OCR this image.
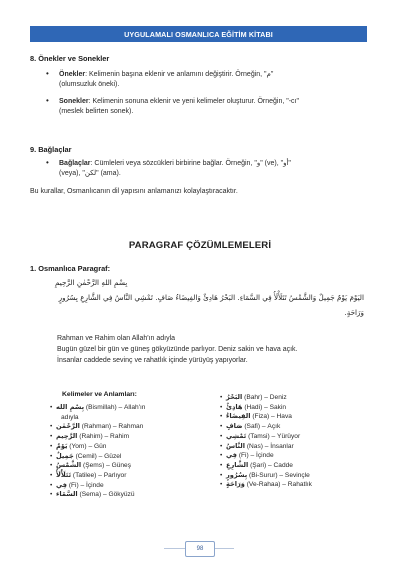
UYGULAMALI OSMANLICA EĞİTİM KİTABI
8. Önekler ve Sonekler
• Önekler: Kelimenin başına eklenir ve anlamını değiştirir. Örneğin, "م"
(olumsuzluk öneki).
• Sonekler: Kelimenin sonuna eklenir ve yeni kelimeler oluşturur. Örneğin, "-cı"
(meslek belirten sonek).
9. Bağlaçlar
• Bağlaçlar: Cümleleri veya sözcükleri birbirine bağlar. Örneğin, "و" (ve), "أو"
(veya), "لكن" (ama).
Bu kurallar, Osmanlıcanın dil yapısını anlamanızı kolaylaştıracaktır.
PARAGRAF ÇÖZÜMLEMELERİ
1. Osmanlıca Paragraf:
بِسْمِ اللهِ الرَّحْمٰنِ الرَّحِيمِ
اليَوْمَ يَوْمٌ جَمِيلٌ وَالشَّمْسُ تَتَلَأْلَأُ فِي السَّمَاءِ. البَحْرُ هَادِئٌ وَالفِيضَاءُ صَافٍ. تَمْشِي النَّاسُ فِي الشَّارِعِ بِسُرُورٍ
وَرَاحَةٍ.
Rahman ve Rahim olan Allah'ın adıyla
Bugün güzel bir gün ve güneş gökyüzünde parlıyor. Deniz sakin ve hava açık.
İnsanlar caddede sevinç ve rahatlık içinde yürüyüş yapıyorlar.
Kelimeler ve Anlamları:
•  بِسْمِ الله (Bismillah) – Allah'ın
adıyla
•  الرَّحْمٰن (Rahman) – Rahman
•  الرَّحِيم (Rahim) – Rahim
•  يَوْمٌ (Yom) – Gün
•  جَمِيلٌ (Cemil) – Güzel
•  الشَّمْسُ (Şems) – Güneş
•  تَتَلَأْلَأُ (Tatilee) – Parlıyor
•  فِي (Fi) – İçinde
•  السَّمَاء (Sema) – Gökyüzü
•  البَحْرُ (Bahr) – Deniz
•  هَادِئٌ (Hadi) – Sakin
•  الفِيضَاءُ (Fiza) – Hava
•  صَافٍ (Safi) – Açık
•  تَمْشِي (Tamsi) – Yürüyor
•  النَّاسُ (Nas) – İnsanlar
•  فِي (Fi) – İçinde
•  الشَّارِعِ (Şari) – Cadde
•  بِسُرُورٍ (Bi-Surur) – Sevinçle
•  وَرَاحَةٍ (Ve-Rahaa) – Rahatlık
98
